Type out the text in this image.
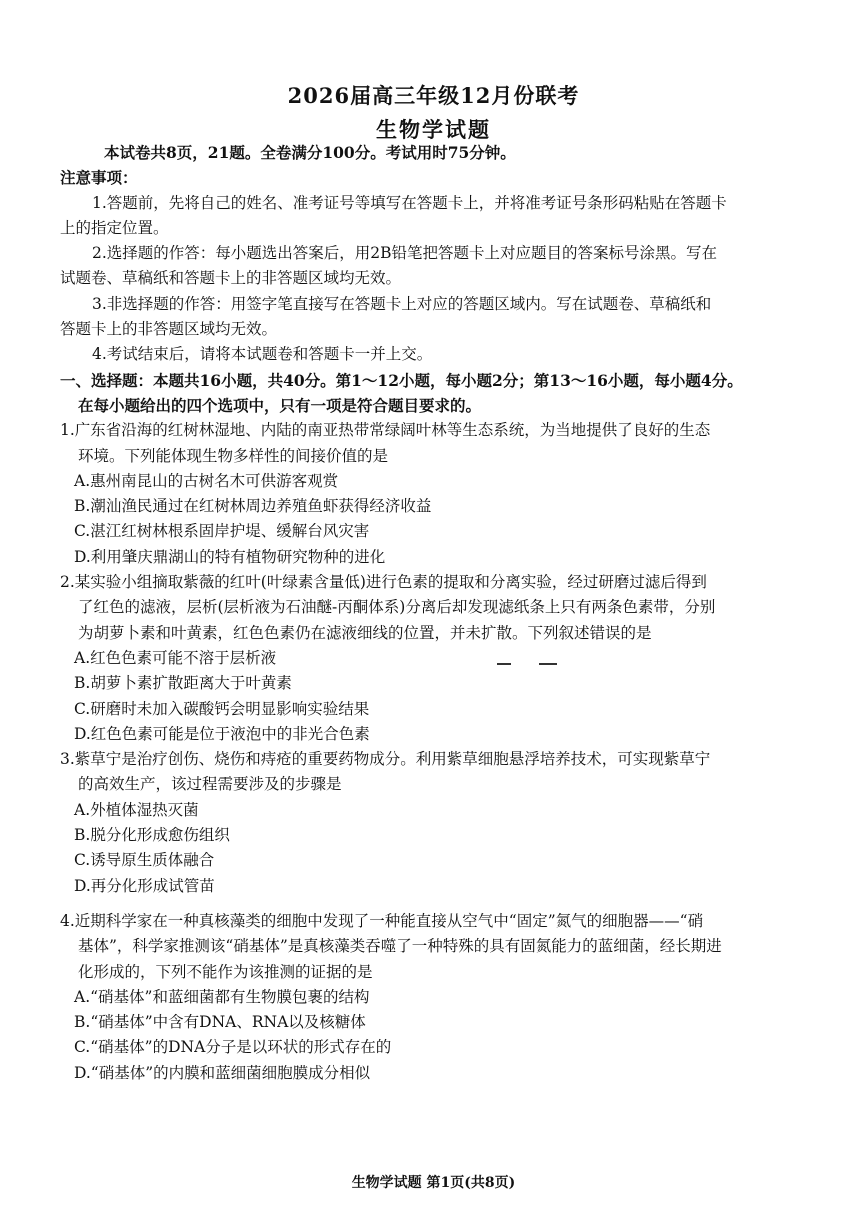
2026届高三年级12月份联考
生物学试题
本试卷共8页，21题。全卷满分100分。考试用时75分钟。
注意事项：
1.答题前，先将自己的姓名、准考证号等填写在答题卡上，并将准考证号条形码粘贴在答题卡
上的指定位置。
2.选择题的作答：每小题选出答案后，用2B铅笔把答题卡上对应题目的答案标号涂黑。写在
试题卷、草稿纸和答题卡上的非答题区域均无效。
3.非选择题的作答：用签字笔直接写在答题卡上对应的答题区域内。写在试题卷、草稿纸和
答题卡上的非答题区域均无效。
4.考试结束后，请将本试题卷和答题卡一并上交。
一、选择题：本题共16小题，共40分。第1～12小题，每小题2分；第13～16小题，每小题4分。
在每小题给出的四个选项中，只有一项是符合题目要求的。
1.广东省沿海的红树林湿地、内陆的南亚热带常绿阔叶林等生态系统，为当地提供了良好的生态
环境。下列能体现生物多样性的间接价值的是
A.惠州南昆山的古树名木可供游客观赏
B.潮汕渔民通过在红树林周边养殖鱼虾获得经济收益
C.湛江红树林根系固岸护堤、缓解台风灾害
D.利用肇庆鼎湖山的特有植物研究物种的进化
2.某实验小组摘取紫薇的红叶(叶绿素含量低)进行色素的提取和分离实验，经过研磨过滤后得到
了红色的滤液，层析(层析液为石油醚-丙酮体系)分离后却发现滤纸条上只有两条色素带，分别
为胡萝卜素和叶黄素，红色色素仍在滤液细线的位置，并未扩散。下列叙述错误的是
A.红色色素可能不溶于层析液
B.胡萝卜素扩散距离大于叶黄素
C.研磨时未加入碳酸钙会明显影响实验结果
D.红色色素可能是位于液泡中的非光合色素
3.紫草宁是治疗创伤、烧伤和痔疮的重要药物成分。利用紫草细胞悬浮培养技术，可实现紫草宁
的高效生产，该过程需要涉及的步骤是
A.外植体湿热灭菌
B.脱分化形成愈伤组织
C.诱导原生质体融合
D.再分化形成试管苗
4.近期科学家在一种真核藻类的细胞中发现了一种能直接从空气中“固定”氮气的细胞器——“硝
基体”，科学家推测该“硝基体”是真核藻类吞噬了一种特殊的具有固氮能力的蓝细菌，经长期进
化形成的，下列不能作为该推测的证据的是
A.“硝基体”和蓝细菌都有生物膜包裹的结构
B.“硝基体”中含有DNA、RNA以及核糖体
C.“硝基体”的DNA分子是以环状的形式存在的
D.“硝基体”的内膜和蓝细菌细胞膜成分相似
生物学试题 第1页(共8页)
